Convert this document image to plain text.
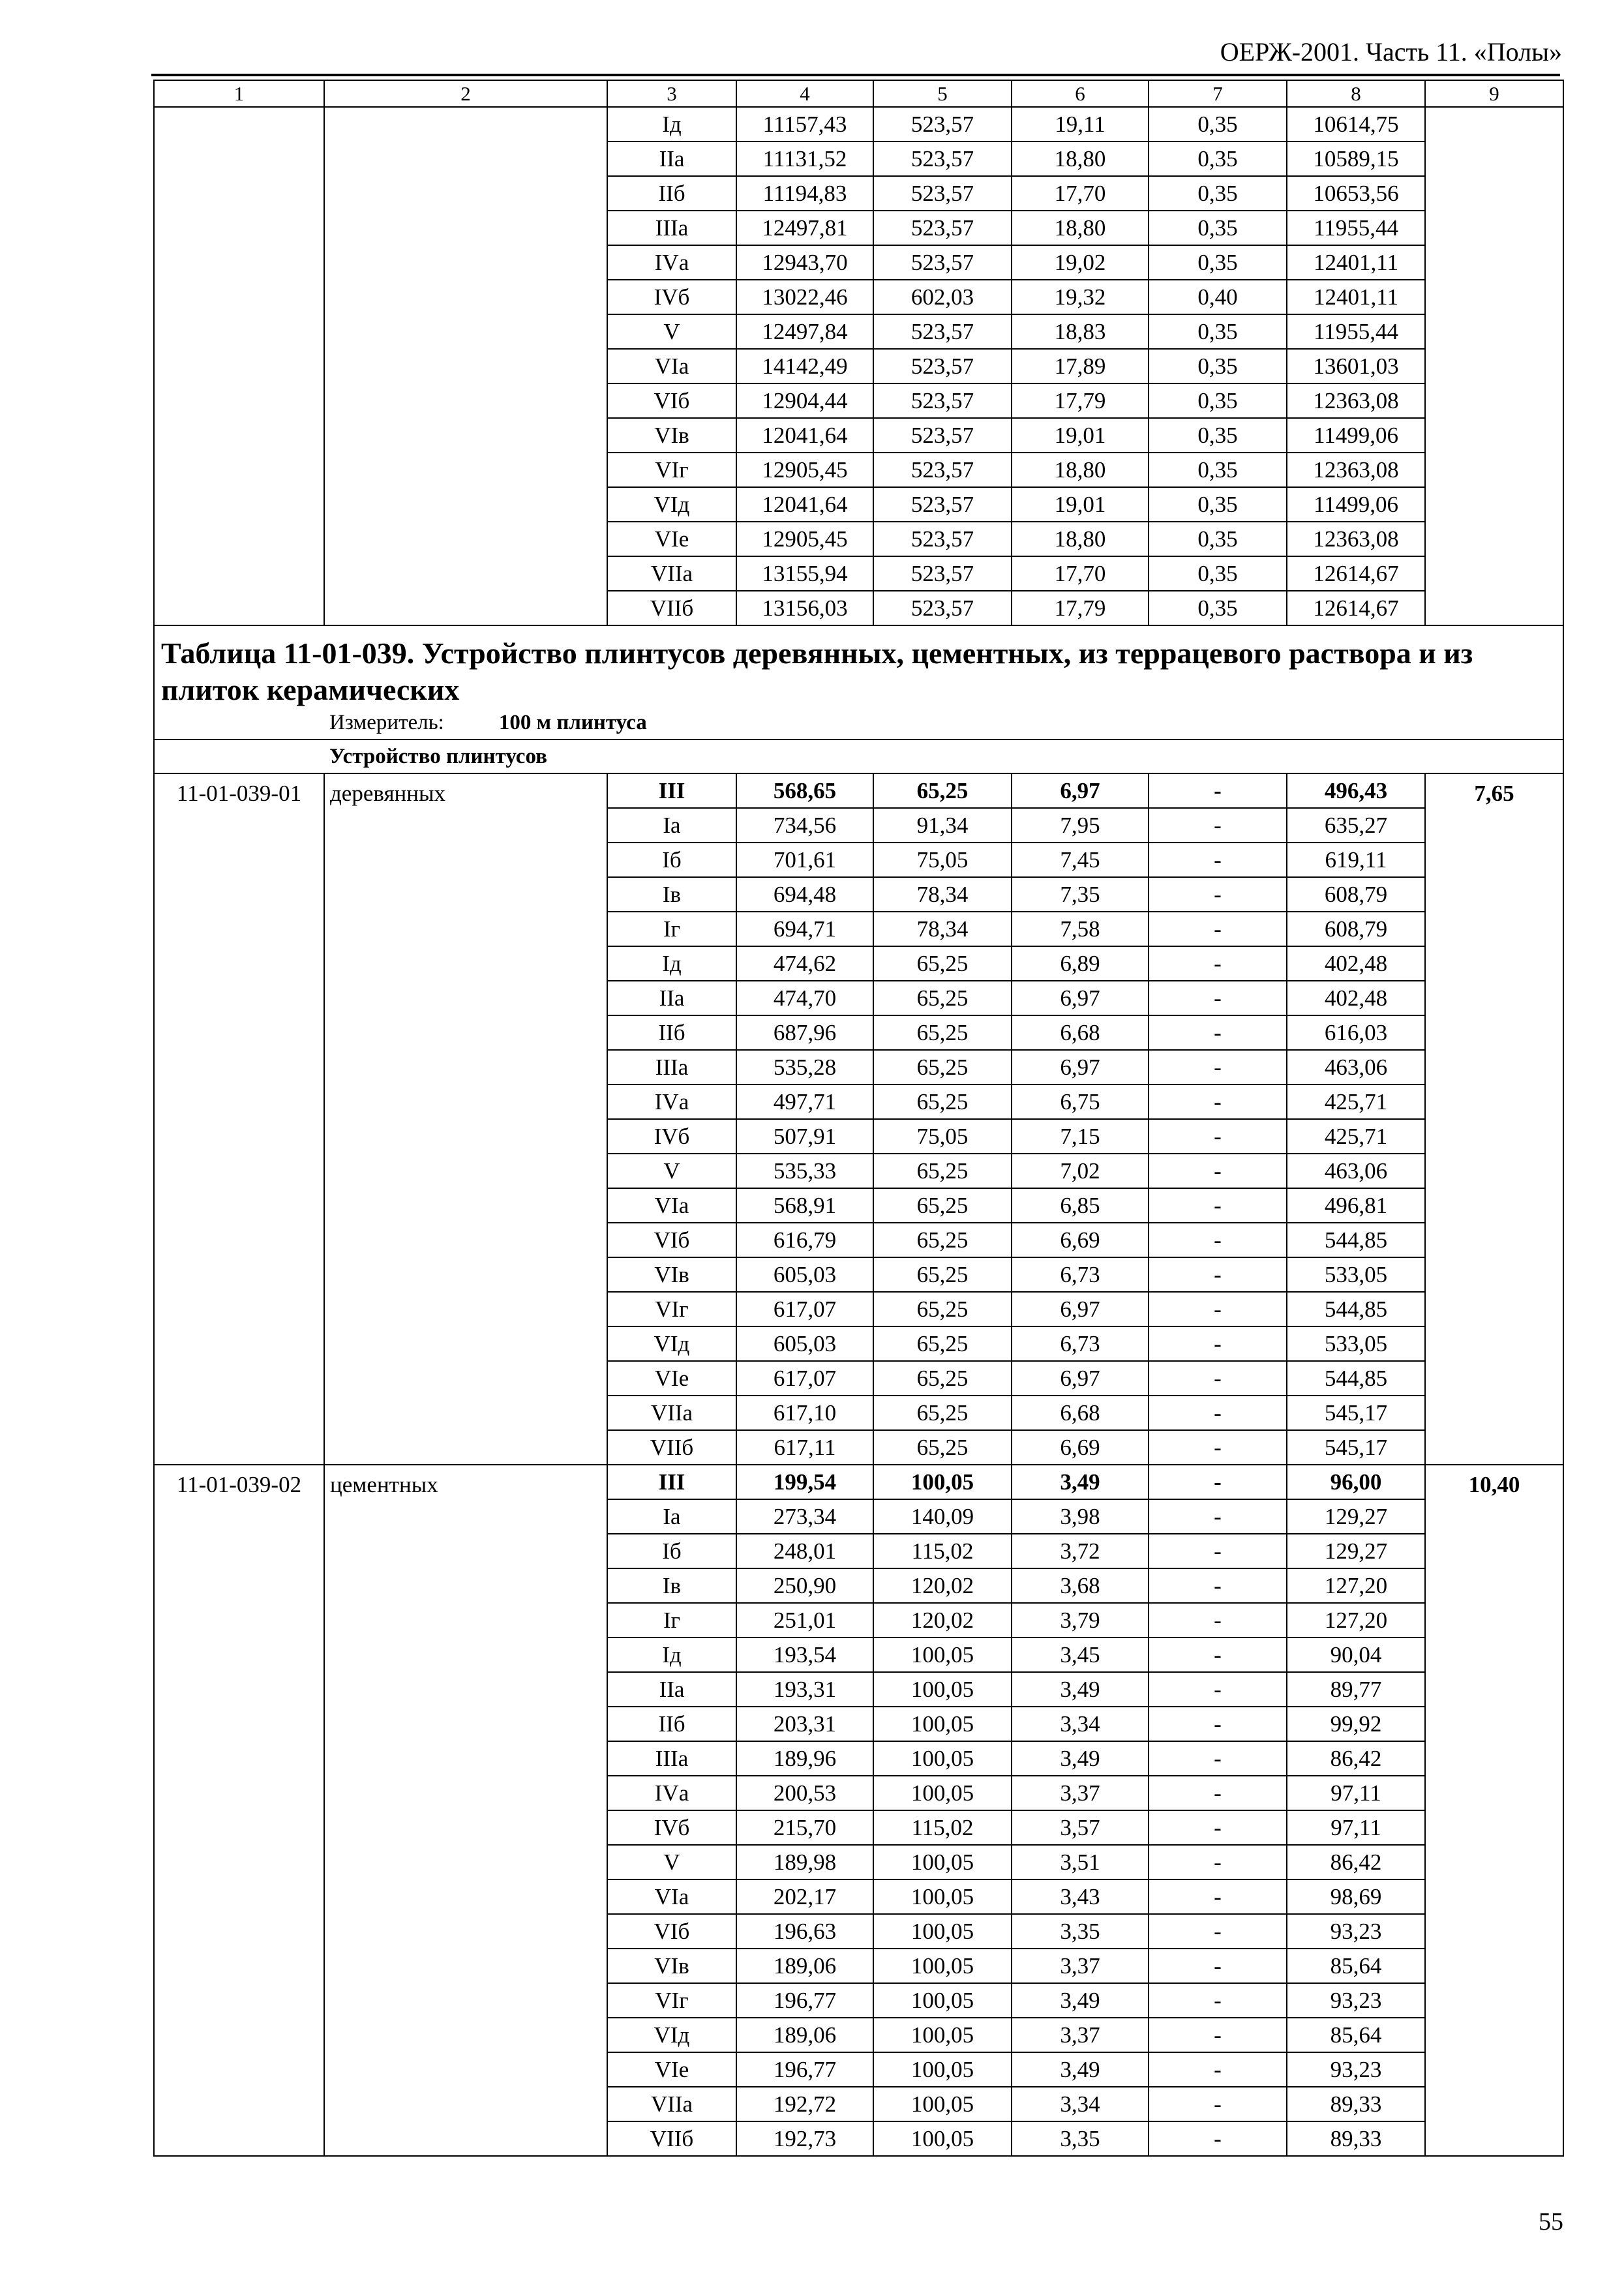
ОЕРЖ-2001. Часть 11. «Полы»
1	2	3	4	5	6	7	8	9
		Iд	11157,43	523,57	19,11	0,35	10614,75	
		IIа	11131,52	523,57	18,80	0,35	10589,15	
		IIб	11194,83	523,57	17,70	0,35	10653,56	
		IIIа	12497,81	523,57	18,80	0,35	11955,44	
		IVа	12943,70	523,57	19,02	0,35	12401,11	
		IVб	13022,46	602,03	19,32	0,40	12401,11	
		V	12497,84	523,57	18,83	0,35	11955,44	
		VIа	14142,49	523,57	17,89	0,35	13601,03	
		VIб	12904,44	523,57	17,79	0,35	12363,08	
		VIв	12041,64	523,57	19,01	0,35	11499,06	
		VIг	12905,45	523,57	18,80	0,35	12363,08	
		VIд	12041,64	523,57	19,01	0,35	11499,06	
		VIе	12905,45	523,57	18,80	0,35	12363,08	
		VIIа	13155,94	523,57	17,70	0,35	12614,67	
		VIIб	13156,03	523,57	17,79	0,35	12614,67	

Таблица 11-01-039. Устройство плинтусов деревянных, цементных, из террацевого раствора и из плиток керамических
Измеритель: 100 м плинтуса								

Устройство плинтусов								
11-01-039-01	деревянных	III	568,65	65,25	6,97	-	496,43	7,65
		Iа	734,56	91,34	7,95	-	635,27	
		Iб	701,61	75,05	7,45	-	619,11	
		Iв	694,48	78,34	7,35	-	608,79	
		Iг	694,71	78,34	7,58	-	608,79	
		Iд	474,62	65,25	6,89	-	402,48	
		IIа	474,70	65,25	6,97	-	402,48	
		IIб	687,96	65,25	6,68	-	616,03	
		IIIа	535,28	65,25	6,97	-	463,06	
		IVа	497,71	65,25	6,75	-	425,71	
		IVб	507,91	75,05	7,15	-	425,71	
		V	535,33	65,25	7,02	-	463,06	
		VIа	568,91	65,25	6,85	-	496,81	
		VIб	616,79	65,25	6,69	-	544,85	
		VIв	605,03	65,25	6,73	-	533,05	
		VIг	617,07	65,25	6,97	-	544,85	
		VIд	605,03	65,25	6,73	-	533,05	
		VIе	617,07	65,25	6,97	-	544,85	
		VIIа	617,10	65,25	6,68	-	545,17	
		VIIб	617,11	65,25	6,69	-	545,17	
11-01-039-02	цементных	III	199,54	100,05	3,49	-	96,00	10,40
		Iа	273,34	140,09	3,98	-	129,27	
		Iб	248,01	115,02	3,72	-	129,27	
		Iв	250,90	120,02	3,68	-	127,20	
		Iг	251,01	120,02	3,79	-	127,20	
		Iд	193,54	100,05	3,45	-	90,04	
		IIа	193,31	100,05	3,49	-	89,77	
		IIб	203,31	100,05	3,34	-	99,92	
		IIIа	189,96	100,05	3,49	-	86,42	
		IVа	200,53	100,05	3,37	-	97,11	
		IVб	215,70	115,02	3,57	-	97,11	
		V	189,98	100,05	3,51	-	86,42	
		VIа	202,17	100,05	3,43	-	98,69	
		VIб	196,63	100,05	3,35	-	93,23	
		VIв	189,06	100,05	3,37	-	85,64	
		VIг	196,77	100,05	3,49	-	93,23	
		VIд	189,06	100,05	3,37	-	85,64	
		VIе	196,77	100,05	3,49	-	93,23	
		VIIа	192,72	100,05	3,34	-	89,33	
		VIIб	192,73	100,05	3,35	-	89,33	
55
